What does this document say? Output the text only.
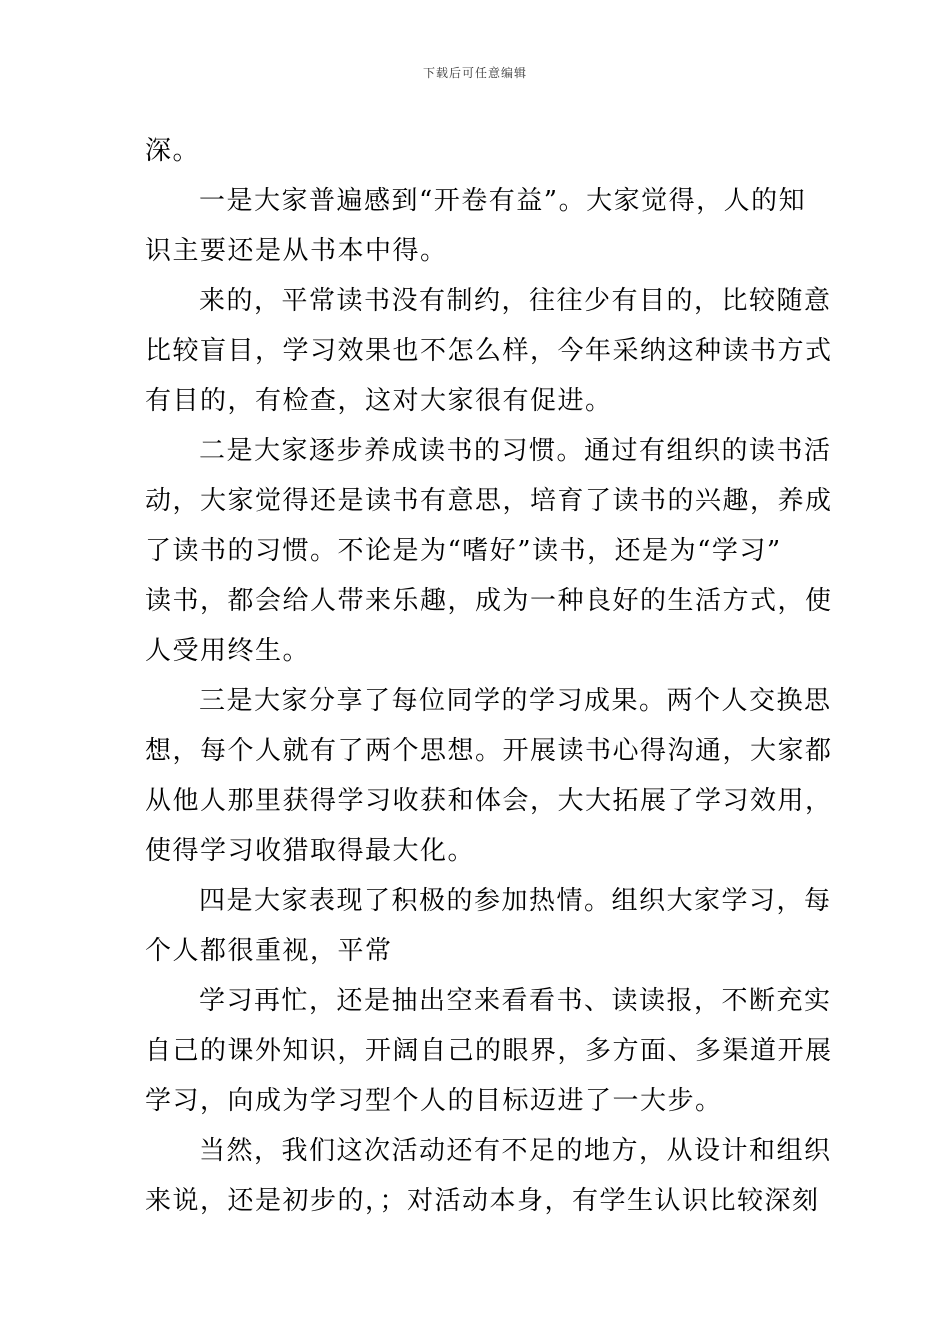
下载后可任意编辑
深。
一是大家普遍感到“开卷有益”。大家觉得，人的知
识主要还是从书本中得。
来的，平常读书没有制约，往往少有目的，比较随意
比较盲目，学习效果也不怎么样，今年采纳这种读书方式
有目的，有检查，这对大家很有促进。
二是大家逐步养成读书的习惯。通过有组织的读书活
动，大家觉得还是读书有意思，培育了读书的兴趣，养成
了读书的习惯。不论是为“嗜好”读书，还是为“学习”
读书，都会给人带来乐趣，成为一种良好的生活方式，使
人受用终生。
三是大家分享了每位同学的学习成果。两个人交换思
想，每个人就有了两个思想。开展读书心得沟通，大家都
从他人那里获得学习收获和体会，大大拓展了学习效用，
使得学习收猎取得最大化。
四是大家表现了积极的参加热情。组织大家学习，每
个人都很重视，平常
学习再忙，还是抽出空来看看书、读读报，不断充实
自己的课外知识，开阔自己的眼界，多方面、多渠道开展
学习，向成为学习型个人的目标迈进了一大步。
当然，我们这次活动还有不足的地方，从设计和组织
来说，还是初步的，；对活动本身，有学生认识比较深刻
